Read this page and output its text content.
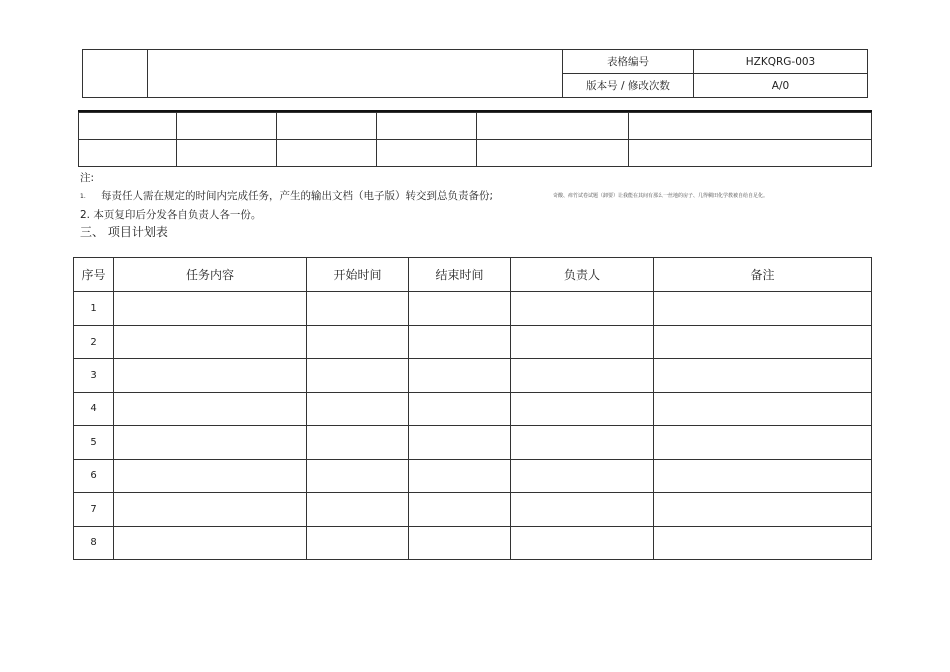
		表格编号	HZKQRG-003
		版本号 / 修改次数	A/0

注:
1. 每责任人需在规定的时间内完成任务，产生的输出文档（电子版）转交到总负责备份;	奇酸、痒竹试卷试题（卸要）让我能在其间有那么一丝地的房子、几得稠田化学教被自给自足化。
2. 本页复印后分发各自负责人各一份。
三、 项目计划表
序号	任务内容	开始时间	结束时间	负责人	备注
1					
2					
3					
4					
5					
6					
7					
8					
